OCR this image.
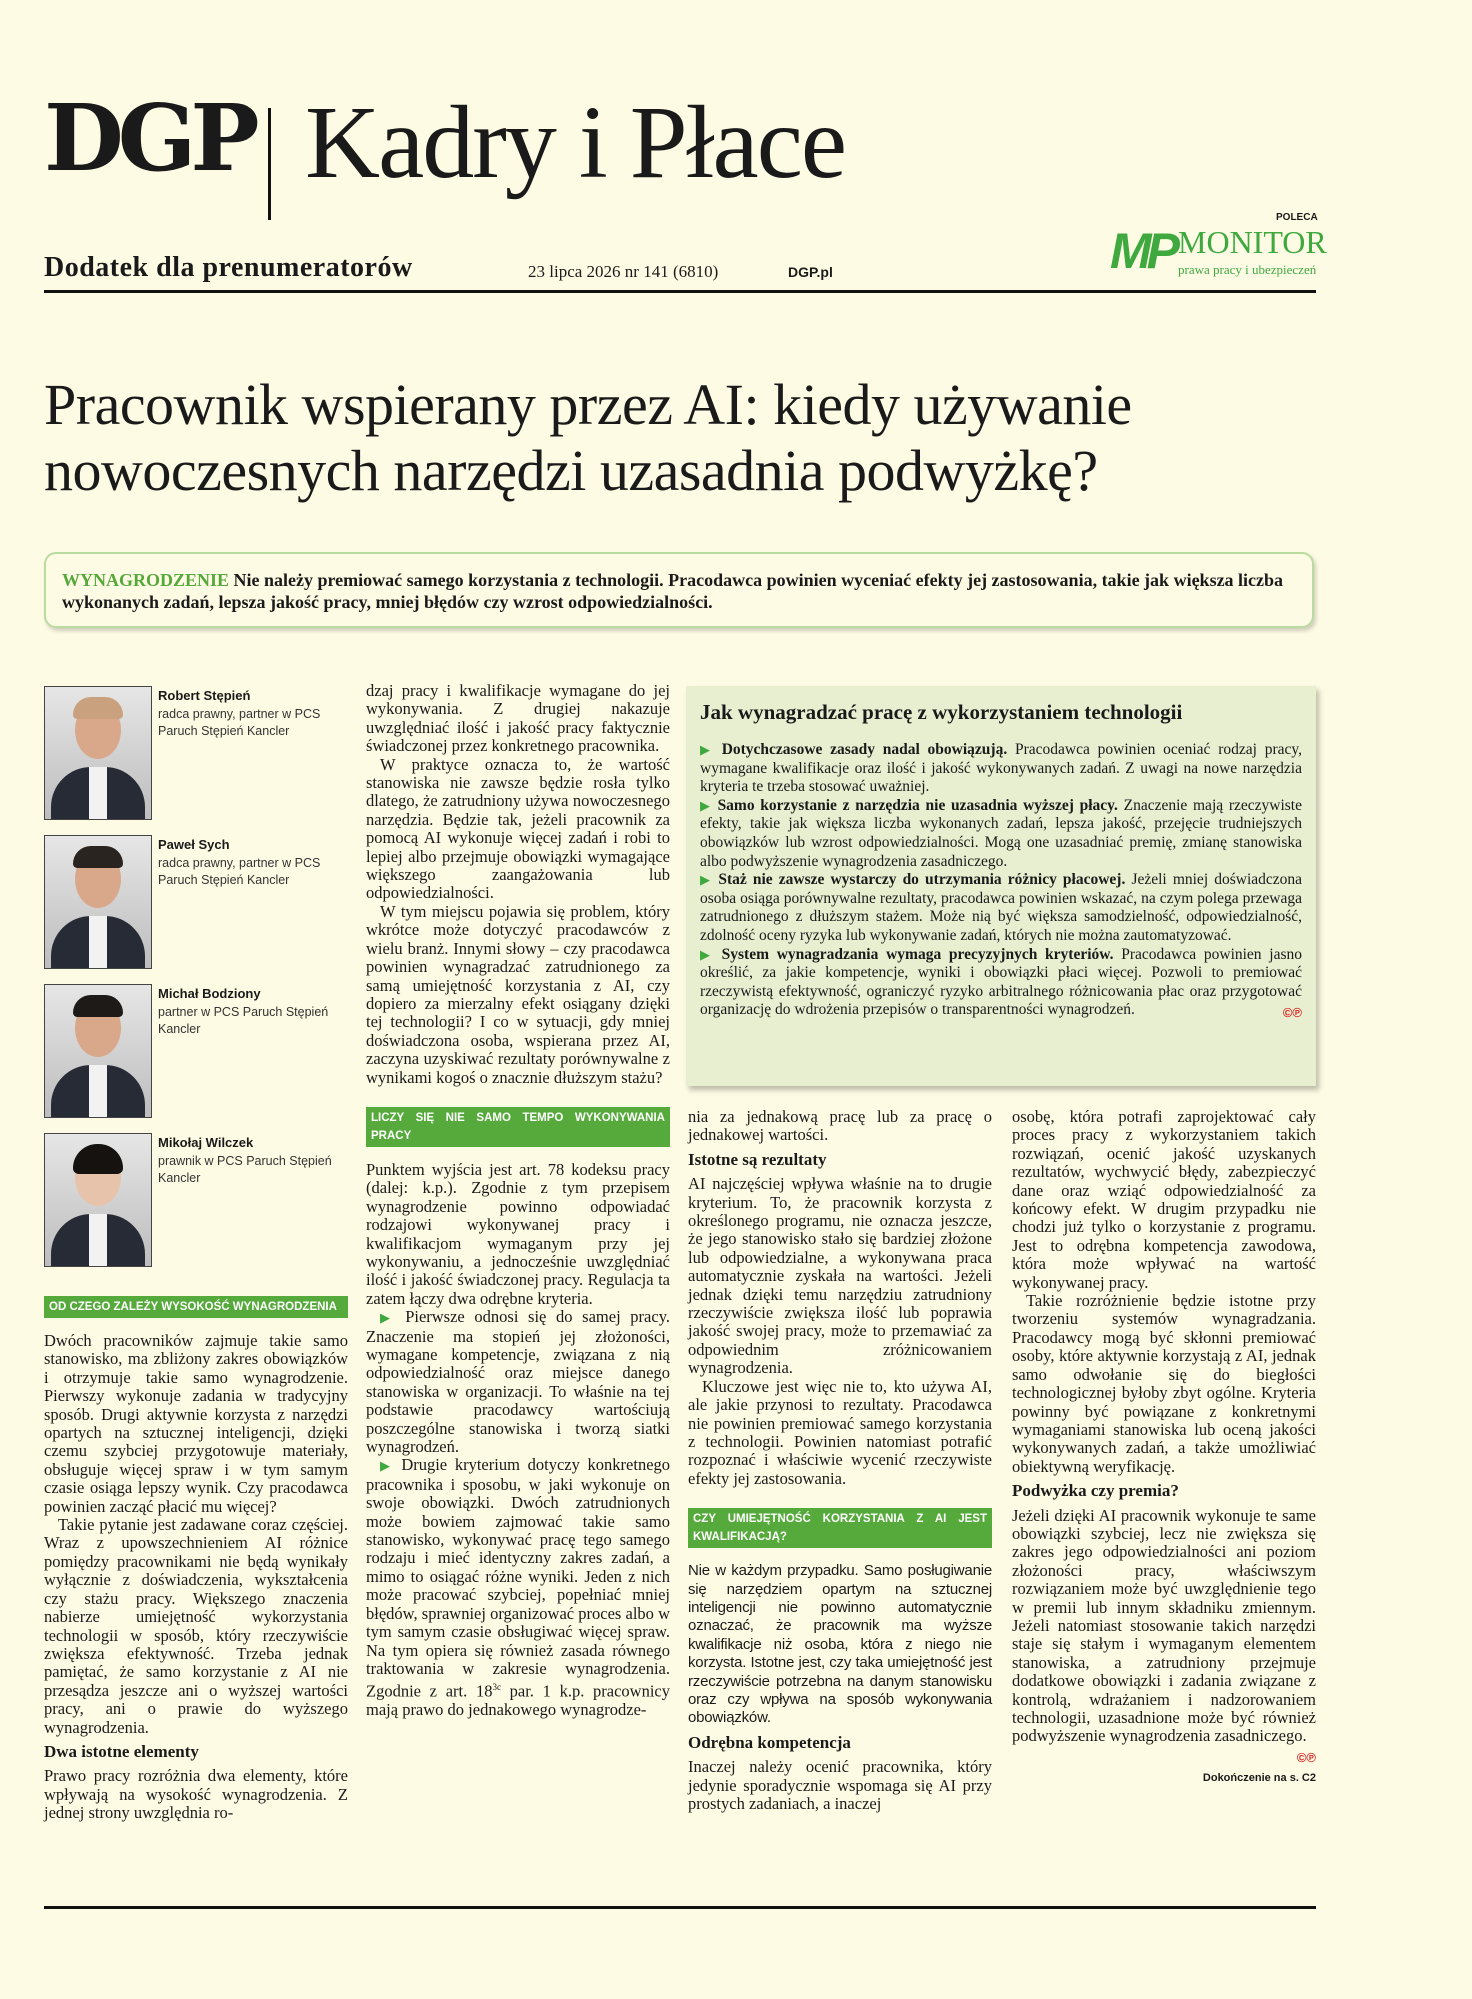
DGP Kadry i Płace
Dodatek dla prenumeratorów	23 lipca 2026 nr 141 (6810)	DGP.pl
POLECA
MP MONITOR
prawa pracy i ubezpieczeń
Pracownik wspierany przez AI: kiedy używanie nowoczesnych narzędzi uzasadnia podwyżkę?
WYNAGRODZENIE Nie należy premiować samego korzystania z technologii. Pracodawca powinien wyceniać efekty jej zastosowania, takie jak większa liczba wykonanych zadań, lepsza jakość pracy, mniej błędów czy wzrost odpowiedzialności.
Robert Stępień
radca prawny, partner w PCS Paruch Stępień Kancler
Paweł Sych
radca prawny, partner w PCS Paruch Stępień Kancler
Michał Bodziony
partner w PCS Paruch Stępień Kancler
Mikołaj Wilczek
prawnik w PCS Paruch Stępień Kancler
OD CZEGO ZALEŻY WYSOKOŚĆ WYNAGRODZENIA

Dwóch pracowników zajmuje takie samo stanowisko, ma zbliżony zakres obowiązków i otrzymuje takie samo wynagrodzenie. Pierwszy wykonuje zadania w tradycyjny sposób. Drugi aktywnie korzysta z narzędzi opartych na sztucznej inteligencji, dzięki czemu szybciej przygotowuje materiały, obsługuje więcej spraw i w tym samym czasie osiąga lepszy wynik. Czy pracodawca powinien zacząć płacić mu więcej?

Takie pytanie jest zadawane coraz częściej. Wraz z upowszechnieniem AI różnice pomiędzy pracownikami nie będą wynikały wyłącznie z doświadczenia, wykształcenia czy stażu pracy. Większego znaczenia nabierze umiejętność wykorzystania technologii w sposób, który rzeczywiście zwiększa efektywność. Trzeba jednak pamiętać, że samo korzystanie z AI nie przesądza jeszcze ani o wyższej wartości pracy, ani o prawie do wyższego wynagrodzenia.

Dwa istotne elementy

Prawo pracy rozróżnia dwa elementy, które wpływają na wysokość wynagrodzenia. Z jednej strony uwzględnia ro-

dzaj pracy i kwalifikacje wymagane do jej wykonywania. Z drugiej nakazuje uwzględniać ilość i jakość pracy faktycznie świadczonej przez konkretnego pracownika.

W praktyce oznacza to, że wartość stanowiska nie zawsze będzie rosła tylko dlatego, że zatrudniony używa nowoczesnego narzędzia. Będzie tak, jeżeli pracownik za pomocą AI wykonuje więcej zadań i robi to lepiej albo przejmuje obowiązki wymagające większego zaangażowania lub odpowiedzialności.

W tym miejscu pojawia się problem, który wkrótce może dotyczyć pracodawców z wielu branż. Innymi słowy – czy pracodawca powinien wynagradzać zatrudnionego za samą umiejętność korzystania z AI, czy dopiero za mierzalny efekt osiągany dzięki tej technologii? I co w sytuacji, gdy mniej doświadczona osoba, wspierana przez AI, zaczyna uzyskiwać rezultaty porównywalne z wynikami kogoś o znacznie dłuższym stażu?

LICZY SIĘ NIE SAMO TEMPO WYKONYWANIA PRACY

Punktem wyjścia jest art. 78 kodeksu pracy (dalej: k.p.). Zgodnie z tym przepisem wynagrodzenie powinno odpowiadać rodzajowi wykonywanej pracy i kwalifikacjom wymaganym przy jej wykonywaniu, a jednocześnie uwzględniać ilość i jakość świadczonej pracy. Regulacja ta zatem łączy dwa odrębne kryteria.

▶ Pierwsze odnosi się do samej pracy. Znaczenie ma stopień jej złożoności, wymagane kompetencje, związana z nią odpowiedzialność oraz miejsce danego stanowiska w organizacji. To właśnie na tej podstawie pracodawcy wartościują poszczególne stanowiska i tworzą siatki wynagrodzeń.

▶ Drugie kryterium dotyczy konkretnego pracownika i sposobu, w jaki wykonuje on swoje obowiązki. Dwóch zatrudnionych może bowiem zajmować takie samo stanowisko, wykonywać pracę tego samego rodzaju i mieć identyczny zakres zadań, a mimo to osiągać różne wyniki. Jeden z nich może pracować szybciej, popełniać mniej błędów, sprawniej organizować proces albo w tym samym czasie obsługiwać więcej spraw. Na tym opiera się również zasada równego traktowania w zakresie wynagrodzenia. Zgodnie z art. $18^{3c}$ par. 1 k.p. pracownicy mają prawo do jednakowego wynagrodze-

Jak wynagradzać pracę z wykorzystaniem technologii

▶ Dotychczasowe zasady nadal obowiązują. Pracodawca powinien oceniać rodzaj pracy, wymagane kwalifikacje oraz ilość i jakość wykonywanych zadań. Z uwagi na nowe narzędzia kryteria te trzeba stosować uważniej.

▶ Samo korzystanie z narzędzia nie uzasadnia wyższej płacy. Znaczenie mają rzeczywiste efekty, takie jak większa liczba wykonanych zadań, lepsza jakość, przejęcie trudniejszych obowiązków lub wzrost odpowiedzialności. Mogą one uzasadniać premię, zmianę stanowiska albo podwyższenie wynagrodzenia zasadniczego.

▶ Staż nie zawsze wystarczy do utrzymania różnicy płacowej. Jeżeli mniej doświadczona osoba osiąga porównywalne rezultaty, pracodawca powinien wskazać, na czym polega przewaga zatrudnionego z dłuższym stażem. Może nią być większa samodzielność, odpowiedzialność, zdolność oceny ryzyka lub wykonywanie zadań, których nie można zautomatyzować.

▶ System wynagradzania wymaga precyzyjnych kryteriów. Pracodawca powinien jasno określić, za jakie kompetencje, wyniki i obowiązki płaci więcej. Pozwoli to premiować rzeczywistą efektywność, ograniczyć ryzyko arbitralnego różnicowania płac oraz przygotować organizację do wdrożenia przepisów o transparentności wynagrodzeń.	©℗

nia za jednakową pracę lub za pracę o jednakowej wartości.

Istotne są rezultaty

AI najczęściej wpływa właśnie na to drugie kryterium. To, że pracownik korzysta z określonego programu, nie oznacza jeszcze, że jego stanowisko stało się bardziej złożone lub odpowiedzialne, a wykonywana praca automatycznie zyskała na wartości. Jeżeli jednak dzięki temu narzędziu zatrudniony rzeczywiście zwiększa ilość lub poprawia jakość swojej pracy, może to przemawiać za odpowiednim zróżnicowaniem wynagrodzenia.

Kluczowe jest więc nie to, kto używa AI, ale jakie przynosi to rezultaty. Pracodawca nie powinien premiować samego korzystania z technologii. Powinien natomiast potrafić rozpoznać i właściwie wycenić rzeczywiste efekty jej zastosowania.

CZY UMIEJĘTNOŚĆ KORZYSTANIA Z AI JEST KWALIFIKACJĄ?

Nie w każdym przypadku. Samo posługiwanie się narzędziem opartym na sztucznej inteligencji nie powinno automatycznie oznaczać, że pracownik ma wyższe kwalifikacje niż osoba, która z niego nie korzysta. Istotne jest, czy taka umiejętność jest rzeczywiście potrzebna na danym stanowisku oraz czy wpływa na sposób wykonywania obowiązków.

Odrębna kompetencja

Inaczej należy ocenić pracownika, który jedynie sporadycznie wspomaga się AI przy prostych zadaniach, a inaczej

osobę, która potrafi zaprojektować cały proces pracy z wykorzystaniem takich rozwiązań, ocenić jakość uzyskanych rezultatów, wychwycić błędy, zabezpieczyć dane oraz wziąć odpowiedzialność za końcowy efekt. W drugim przypadku nie chodzi już tylko o korzystanie z programu. Jest to odrębna kompetencja zawodowa, która może wpływać na wartość wykonywanej pracy.

Takie rozróżnienie będzie istotne przy tworzeniu systemów wynagradzania. Pracodawcy mogą być skłonni premiować osoby, które aktywnie korzystają z AI, jednak samo odwołanie się do biegłości technologicznej byłoby zbyt ogólne. Kryteria powinny być powiązane z konkretnymi wymaganiami stanowiska lub oceną jakości wykonywanych zadań, a także umożliwiać obiektywną weryfikację.

Podwyżka czy premia?

Jeżeli dzięki AI pracownik wykonuje te same obowiązki szybciej, lecz nie zwiększa się zakres jego odpowiedzialności ani poziom złożoności pracy, właściwszym rozwiązaniem może być uwzględnienie tego w premii lub innym składniku zmiennym. Jeżeli natomiast stosowanie takich narzędzi staje się stałym i wymaganym elementem stanowiska, a zatrudniony przejmuje dodatkowe obowiązki i zadania związane z kontrolą, wdrażaniem i nadzorowaniem technologii, uzasadnione może być również podwyższenie wynagrodzenia zasadniczego.

©℗
Dokończenie na s. C2
